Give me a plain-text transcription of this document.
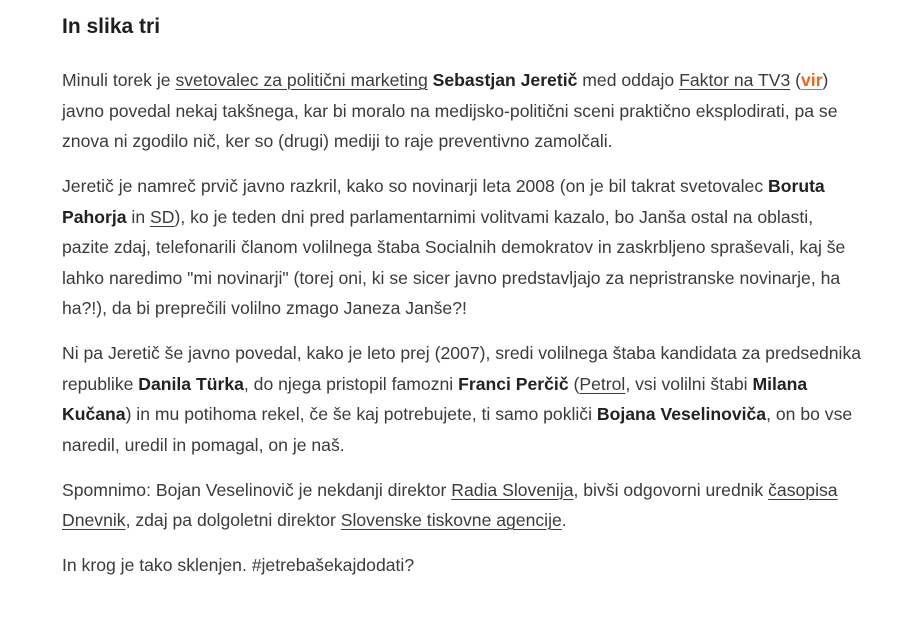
In slika tri

Minuli torek je svetovalec za politični marketing Sebastjan Jeretič med oddajo Faktor na TV3 (vir) javno povedal nekaj takšnega, kar bi moralo na medijsko-politični sceni praktično eksplodirati, pa se znova ni zgodilo nič, ker so (drugi) mediji to raje preventivno zamolčali.

Jeretič je namreč prvič javno razkril, kako so novinarji leta 2008 (on je bil takrat svetovalec Boruta Pahorja in SD), ko je teden dni pred parlamentarnimi volitvami kazalo, bo Janša ostal na oblasti, pazite zdaj, telefonarili članom volilnega štaba Socialnih demokratov in zaskrbljeno spraševali, kaj še lahko naredimo "mi novinarji" (torej oni, ki se sicer javno predstavljajo za nepristranske novinarje, ha ha?!), da bi preprečili volilno zmago Janeza Janše?!

Ni pa Jeretič še javno povedal, kako je leto prej (2007), sredi volilnega štaba kandidata za predsednika republike Danila Türka, do njega pristopil famozni Franci Perčič (Petrol, vsi volilni štabi Milana Kučana) in mu potihoma rekel, če še kaj potrebujete, ti samo pokliči Bojana Veselinoviča, on bo vse naredil, uredil in pomagal, on je naš.

Spomnimo: Bojan Veselinovič je nekdanji direktor Radia Slovenija, bivši odgovorni urednik časopisa Dnevnik, zdaj pa dolgoletni direktor Slovenske tiskovne agencije.

In krog je tako sklenjen. #jetrebašekajdodati?
